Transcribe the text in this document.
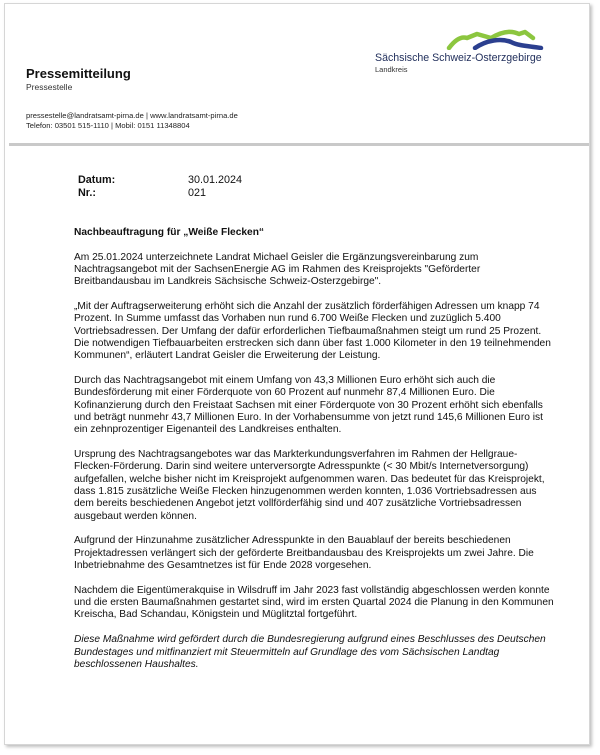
Pressemitteilung
Pressestelle
pressestelle@landratsamt-pirna.de | www.landratsamt-pirna.de
Telefon: 03501 515-1110 | Mobil: 0151 11348804
Sächsische Schweiz-Osterzgebirge
Landkreis
Datum:	30.01.2024
Nr.:	021

Nachbeauftragung für „Weiße Flecken“

Am 25.01.2024 unterzeichnete Landrat Michael Geisler die Ergänzungsvereinbarung zum Nachtragsangebot mit der SachsenEnergie AG im Rahmen des Kreisprojekts "Geförderter Breitbandausbau im Landkreis Sächsische Schweiz-Osterzgebirge".

„Mit der Auftragserweiterung erhöht sich die Anzahl der zusätzlich förderfähigen Adressen um knapp 74 Prozent. In Summe umfasst das Vorhaben nun rund 6.700 Weiße Flecken und zuzüglich 5.400 Vortriebsadressen. Der Umfang der dafür erforderlichen Tiefbaumaßnahmen steigt um rund 25 Prozent. Die notwendigen Tiefbauarbeiten erstrecken sich dann über fast 1.000 Kilometer in den 19 teilnehmenden Kommunen“, erläutert Landrat Geisler die Erweiterung der Leistung.

Durch das Nachtragsangebot mit einem Umfang von 43,3 Millionen Euro erhöht sich auch die Bundesförderung mit einer Förderquote von 60 Prozent auf nunmehr 87,4 Millionen Euro. Die Kofinanzierung durch den Freistaat Sachsen mit einer Förderquote von 30 Prozent erhöht sich ebenfalls und beträgt nunmehr 43,7 Millionen Euro. In der Vorhabensumme von jetzt rund 145,6 Millionen Euro ist ein zehnprozentiger Eigenanteil des Landkreises enthalten.

Ursprung des Nachtragsangebotes war das Markterkundungsverfahren im Rahmen der Hellgraue-Flecken-Förderung. Darin sind weitere unterversorgte Adresspunkte (< 30 Mbit/s Internetversorgung) aufgefallen, welche bisher nicht im Kreisprojekt aufgenommen waren. Das bedeutet für das Kreisprojekt, dass 1.815 zusätzliche Weiße Flecken hinzugenommen werden konnten, 1.036 Vortriebsadressen aus dem bereits beschiedenen Angebot jetzt vollförderfähig sind und 407 zusätzliche Vortriebsadressen ausgebaut werden können.

Aufgrund der Hinzunahme zusätzlicher Adresspunkte in den Bauablauf der bereits beschiedenen Projektadressen verlängert sich der geförderte Breitbandausbau des Kreisprojekts um zwei Jahre. Die Inbetriebnahme des Gesamtnetzes ist für Ende 2028 vorgesehen.

Nachdem die Eigentümerakquise in Wilsdruff im Jahr 2023 fast vollständig abgeschlossen werden konnte und die ersten Baumaßnahmen gestartet sind, wird im ersten Quartal 2024 die Planung in den Kommunen Kreischa, Bad Schandau, Königstein und Müglitztal fortgeführt.

Diese Maßnahme wird gefördert durch die Bundesregierung aufgrund eines Beschlusses des Deutschen Bundestages und mitfinanziert mit Steuermitteln auf Grundlage des vom Sächsischen Landtag beschlossenen Haushaltes.
